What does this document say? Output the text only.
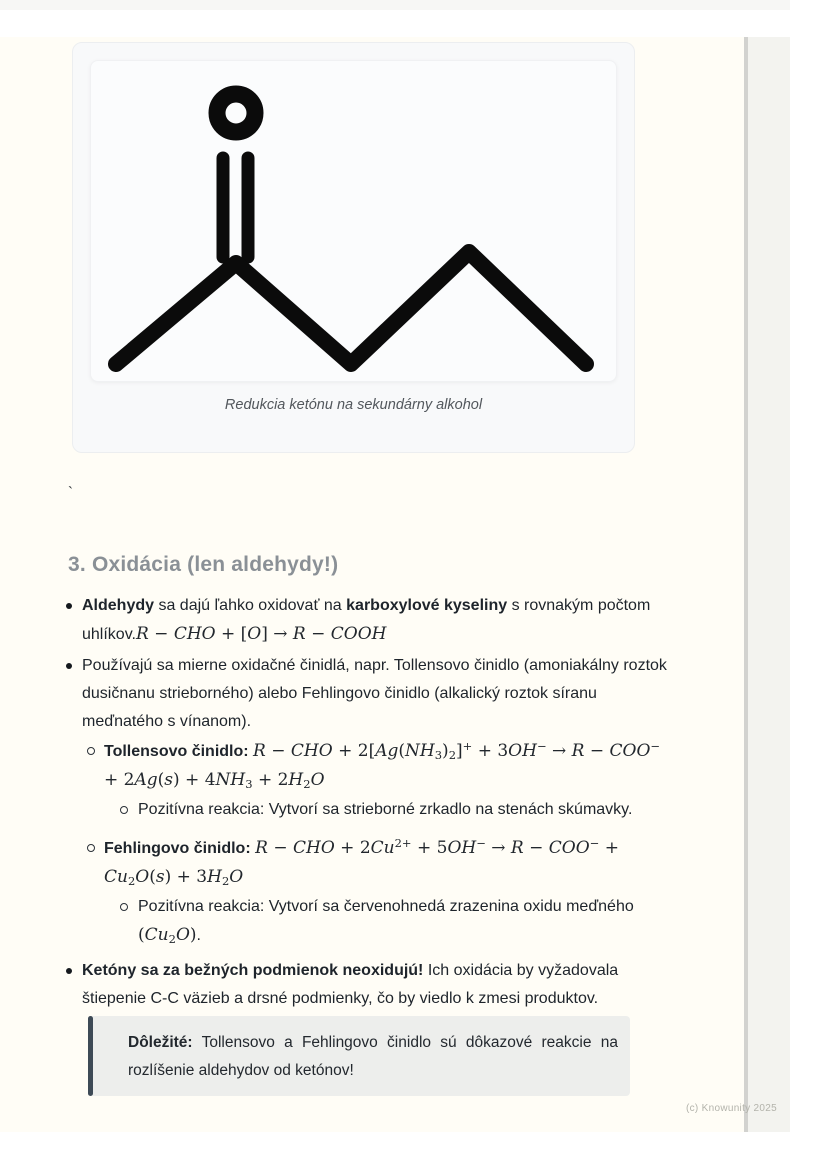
Redukcia ketónu na sekundárny alkohol
`
3. Oxidácia (len aldehydy!)
Aldehydy sa dajú ľahko oxidovať na karboxylové kyseliny s rovnakým počtom uhlíkov.R − CHO + [O] → R − COOH
Používajú sa mierne oxidačné činidlá, napr. Tollensovo činidlo (amoniakálny roztok dusičnanu strieborného) alebo Fehlingovo činidlo (alkalický roztok síranu meďnatého s vínanom).
Tollensovo činidlo: R − CHO + $2[Ag(NH_3)_2]^+ + 3OH^- \to R - COO^- + 2Ag(s) + 4NH_3 + 2H_2O$
Pozitívna reakcia: Vytvorí sa strieborné zrkadlo na stenách skúmavky.
Fehlingovo činidlo: R − CHO + $2Cu^{2+} + 5OH^- \to R - COO^- + Cu_2O(s) + 3H_2O$
Pozitívna reakcia: Vytvorí sa červenohnedá zrazenina oxidu meďného $(Cu_2O)$.
Ketóny sa za bežných podmienok neoxidujú! Ich oxidácia by vyžadovala štiepenie C-C väzieb a drsné podmienky, čo by viedlo k zmesi produktov.
Dôležité: Tollensovo a Fehlingovo činidlo sú dôkazové reakcie na rozlíšenie aldehydov od ketónov!
(c) Knowunity 2025
